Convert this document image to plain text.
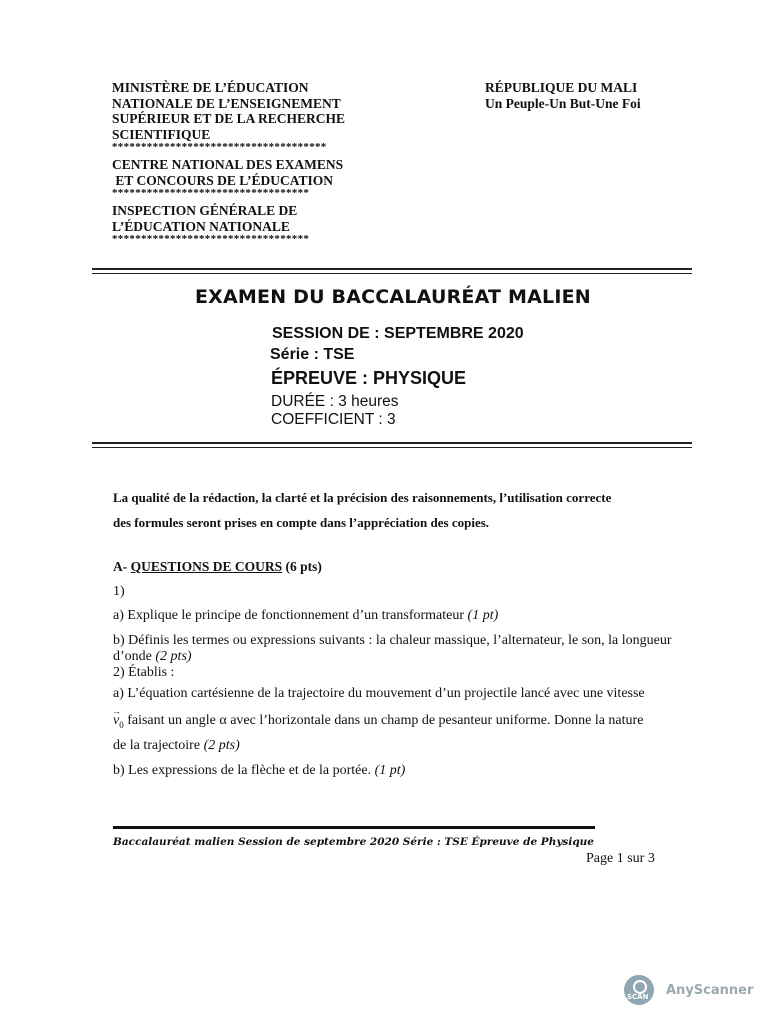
MINISTÈRE DE L’ÉDUCATION
NATIONALE DE L’ENSEIGNEMENT
SUPÉRIEUR ET DE LA RECHERCHE
SCIENTIFIQUE
*************************************
CENTRE NATIONAL DES EXAMENS
ET CONCOURS DE L’ÉDUCATION
**********************************
INSPECTION GÉNÉRALE DE
L’ÉDUCATION NATIONALE
**********************************
RÉPUBLIQUE DU MALI
Un Peuple-Un But-Une Foi
EXAMEN DU BACCALAURÉAT MALIEN
SESSION DE : SEPTEMBRE 2020
Série : TSE
ÉPREUVE : PHYSIQUE
DURÉE : 3 heures
COEFFICIENT : 3
La qualité de la rédaction, la clarté et la précision des raisonnements, l’utilisation correcte
des formules seront prises en compte dans l’appréciation des copies.
A- QUESTIONS DE COURS (6 pts)
1)
a) Explique le principe de fonctionnement d’un transformateur (1 pt)
b) Définis les termes ou expressions suivants : la chaleur massique, l’alternateur, le son, la longueur d’onde (2 pts)
2) Établis :
a) L’équation cartésienne de la trajectoire du mouvement d’un projectile lancé avec une vitesse
→ $v_0$ faisant un angle α avec l’horizontale dans un champ de pesanteur uniforme. Donne la nature
de la trajectoire (2 pts)
b) Les expressions de la flèche et de la portée. (1 pt)
Baccalauréat malien Session de septembre 2020 Série : TSE Épreuve de Physique
Page 1 sur 3
SCAN AnyScanner
